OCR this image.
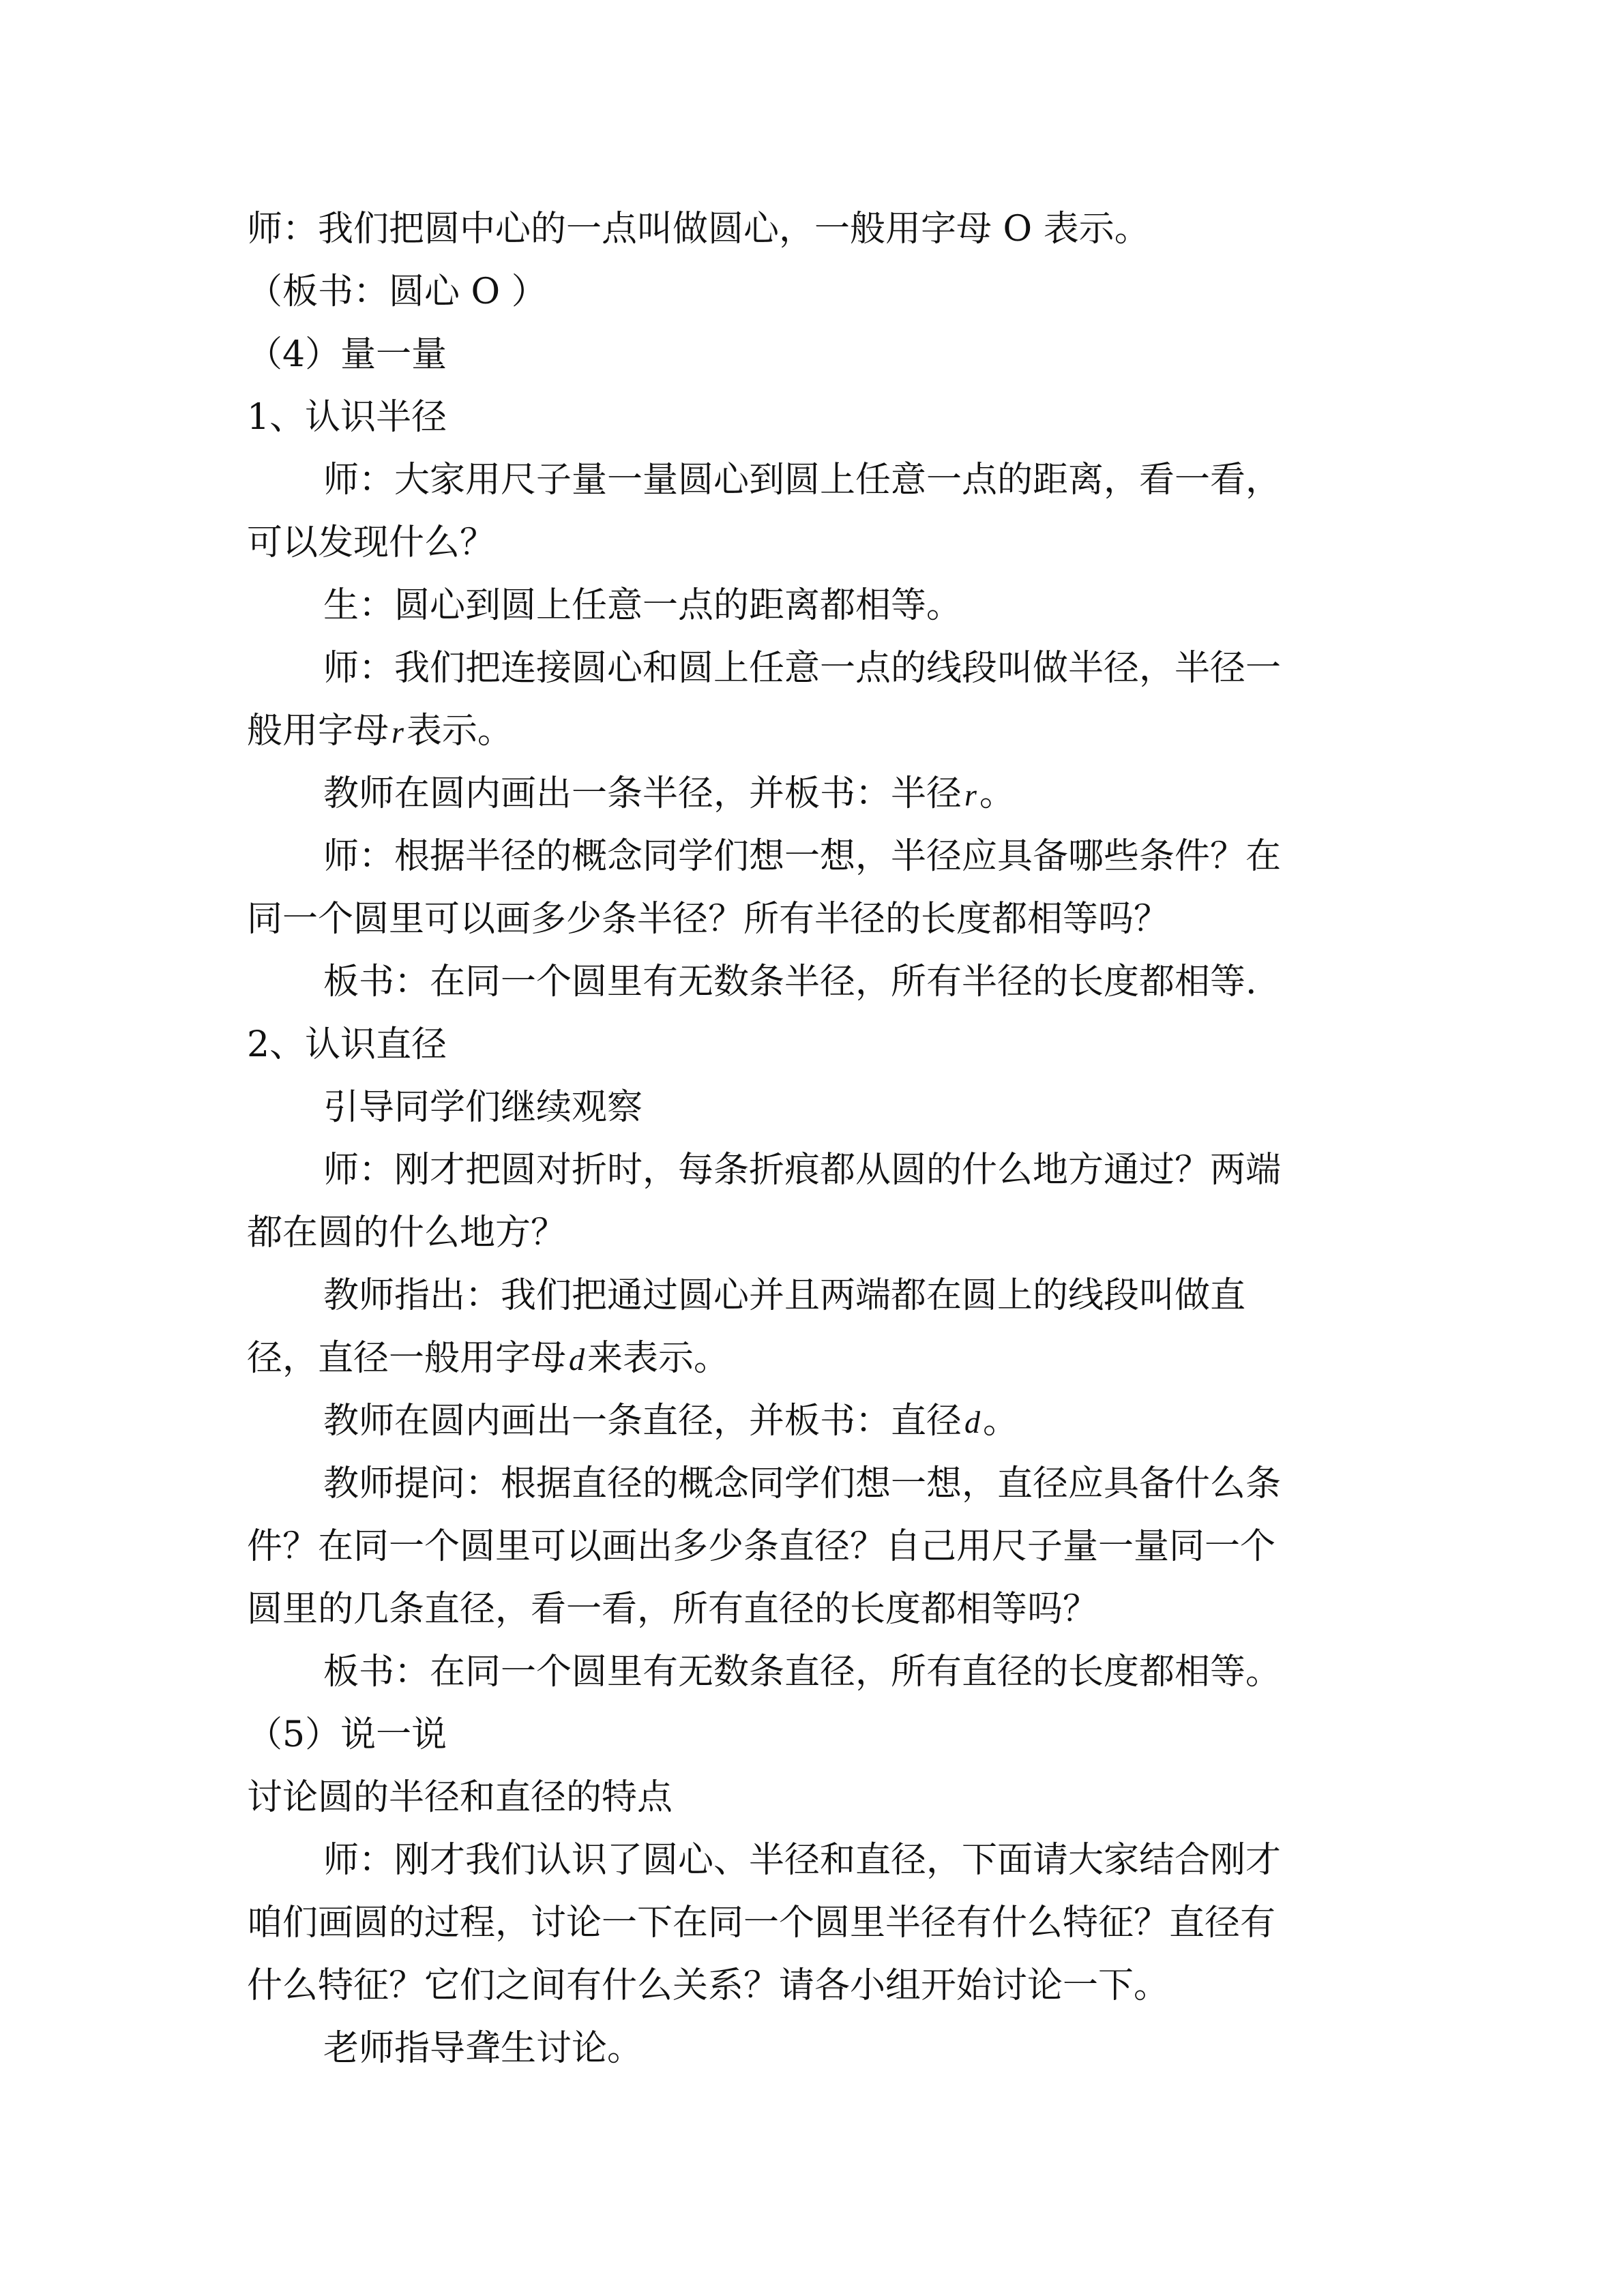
师：我们把圆中心的一点叫做圆心，一般用字母 O 表示。

（板书：圆心 O ）

（4）量一量

1、认识半径

师：大家用尺子量一量圆心到圆上任意一点的距离，看一看，

可以发现什么？

生：圆心到圆上任意一点的距离都相等。

师：我们把连接圆心和圆上任意一点的线段叫做半径，半径一

般用字母r表示。

教师在圆内画出一条半径，并板书：半径r。

师：根据半径的概念同学们想一想，半径应具备哪些条件？在

同一个圆里可以画多少条半径？所有半径的长度都相等吗？

板书：在同一个圆里有无数条半径，所有半径的长度都相等.

2、认识直径

引导同学们继续观察

师：刚才把圆对折时，每条折痕都从圆的什么地方通过？两端

都在圆的什么地方？

教师指出：我们把通过圆心并且两端都在圆上的线段叫做直

径，直径一般用字母d来表示。

教师在圆内画出一条直径，并板书：直径d。

教师提问：根据直径的概念同学们想一想，直径应具备什么条

件？在同一个圆里可以画出多少条直径？自己用尺子量一量同一个

圆里的几条直径，看一看，所有直径的长度都相等吗？

板书：在同一个圆里有无数条直径，所有直径的长度都相等。

（5）说一说

讨论圆的半径和直径的特点

师：刚才我们认识了圆心、半径和直径，下面请大家结合刚才

咱们画圆的过程，讨论一下在同一个圆里半径有什么特征？直径有

什么特征？它们之间有什么关系？请各小组开始讨论一下。

老师指导聋生讨论。
